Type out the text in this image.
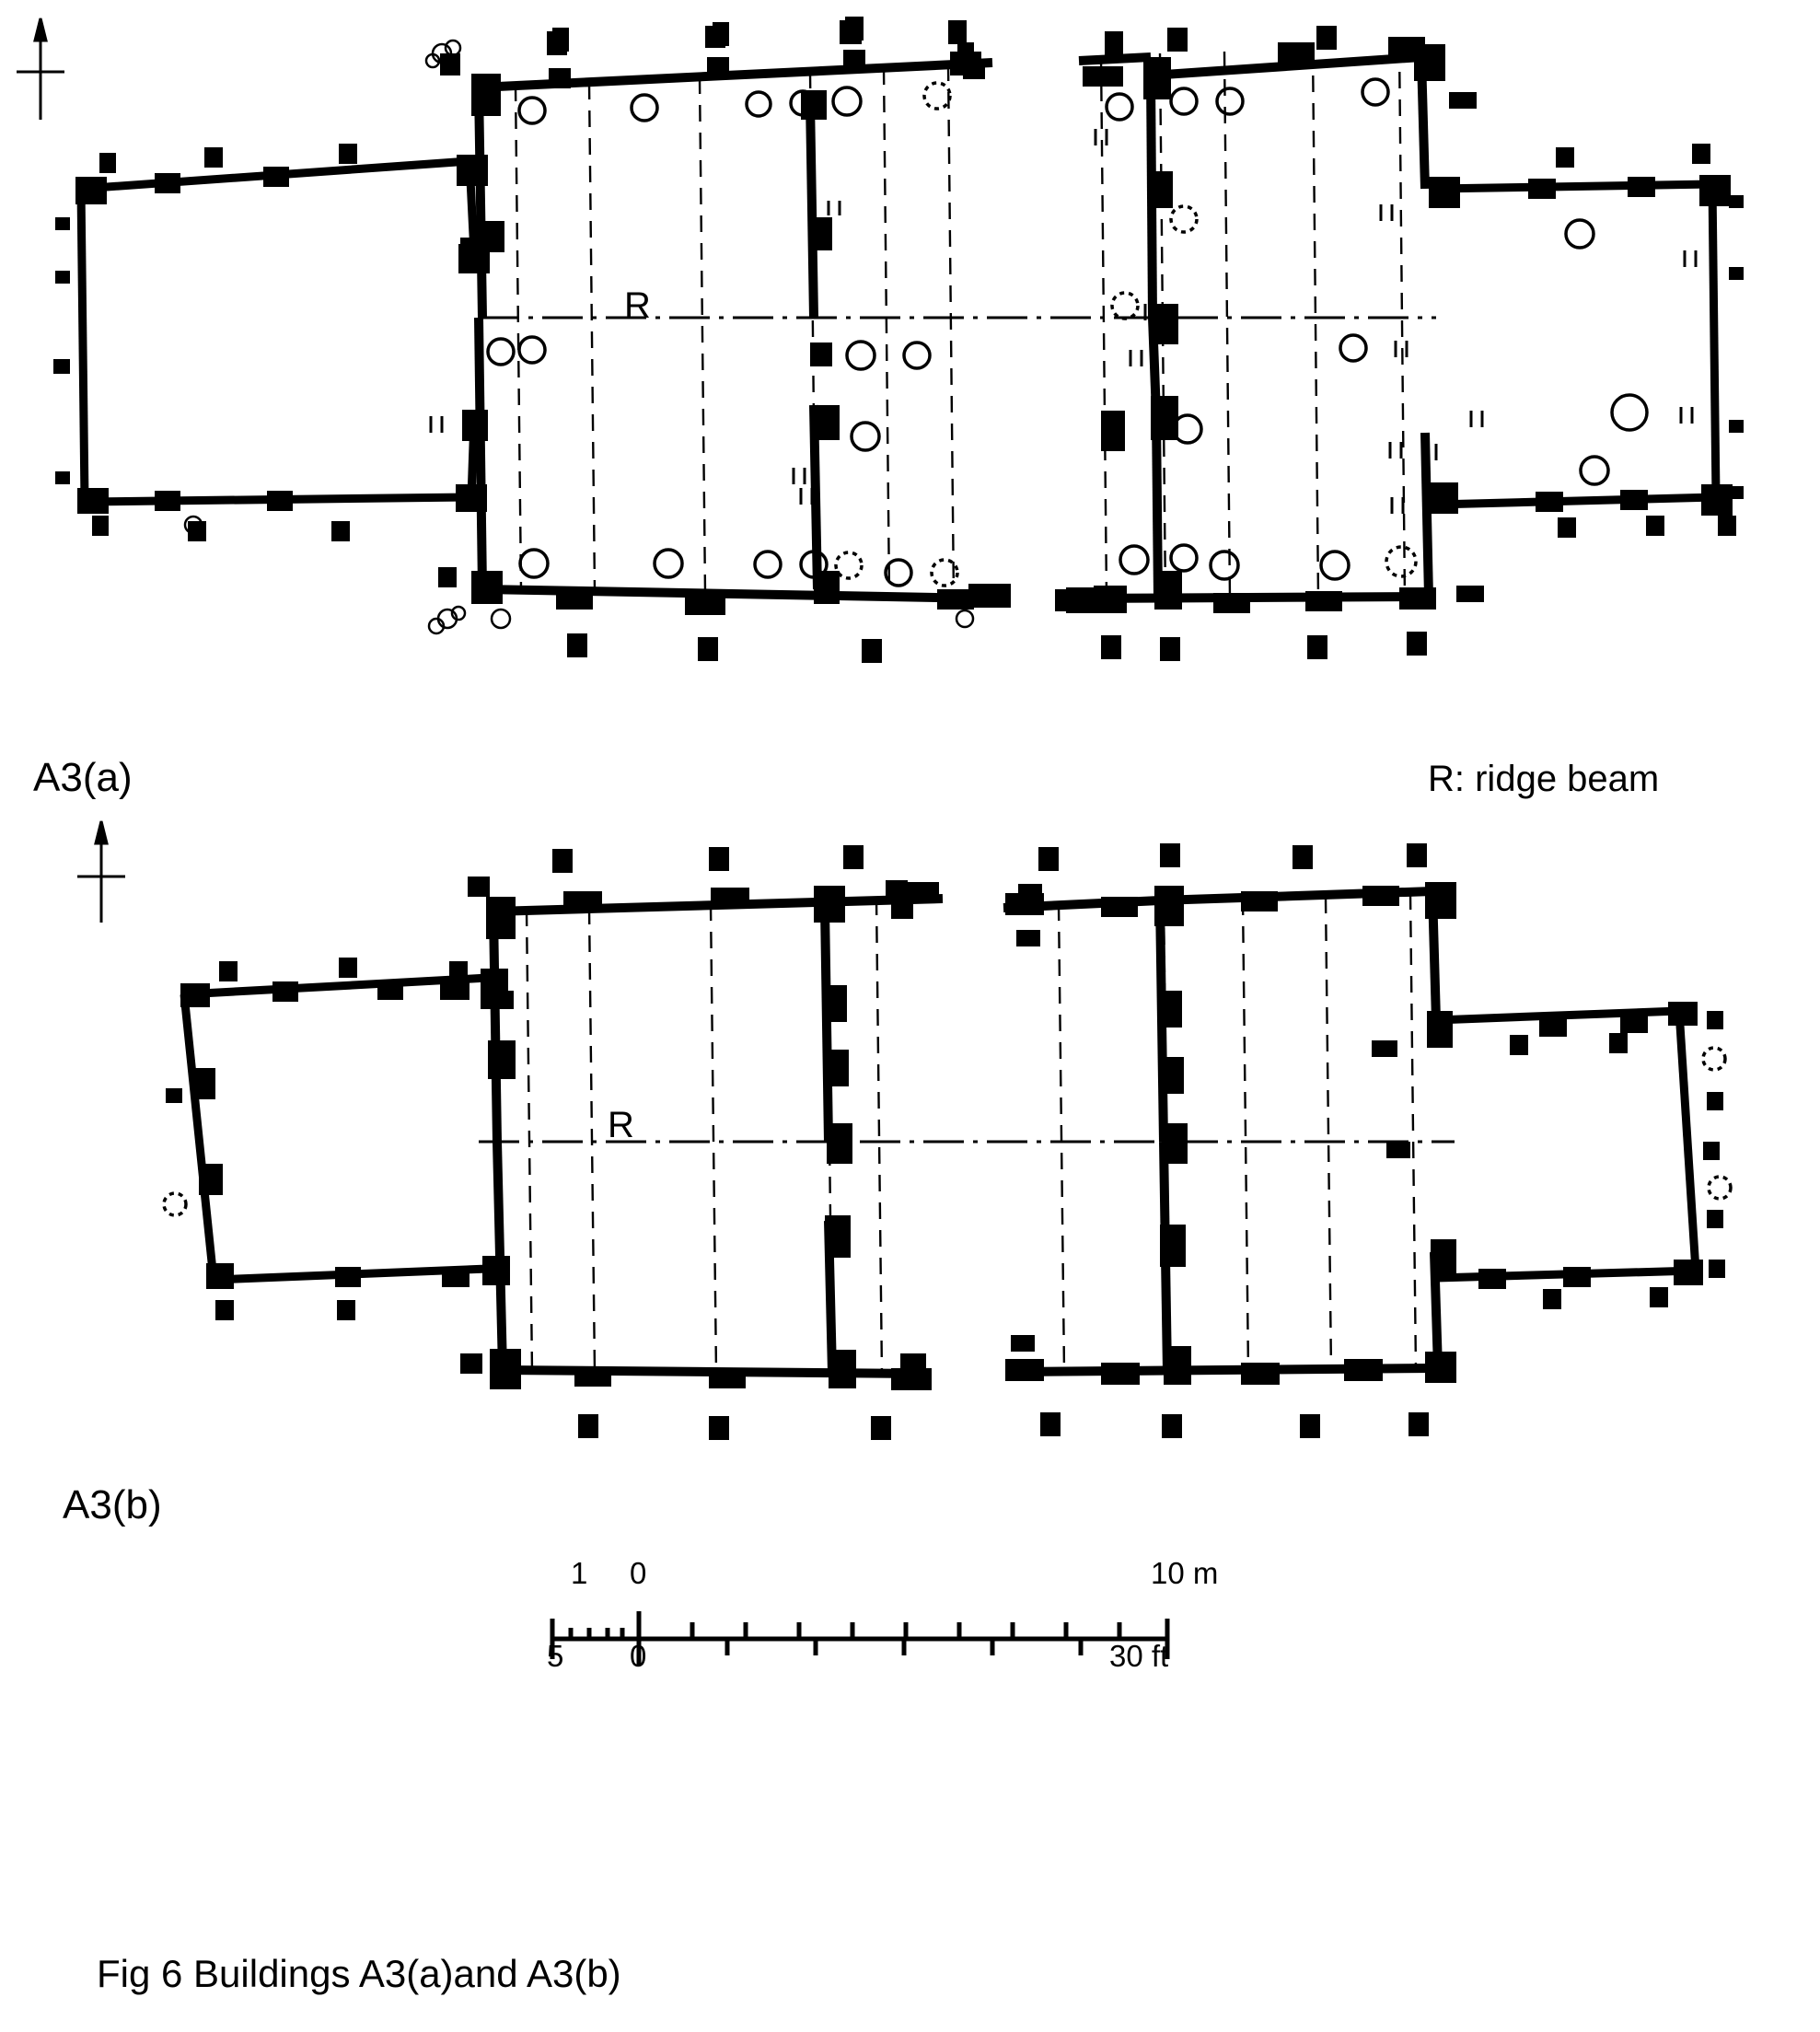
A3(a)	R: ridge beam
R
A3(b)
R
1 0	10 m
5 0	30 ft
Fig 6 Buildings A3(a)and A3(b)
